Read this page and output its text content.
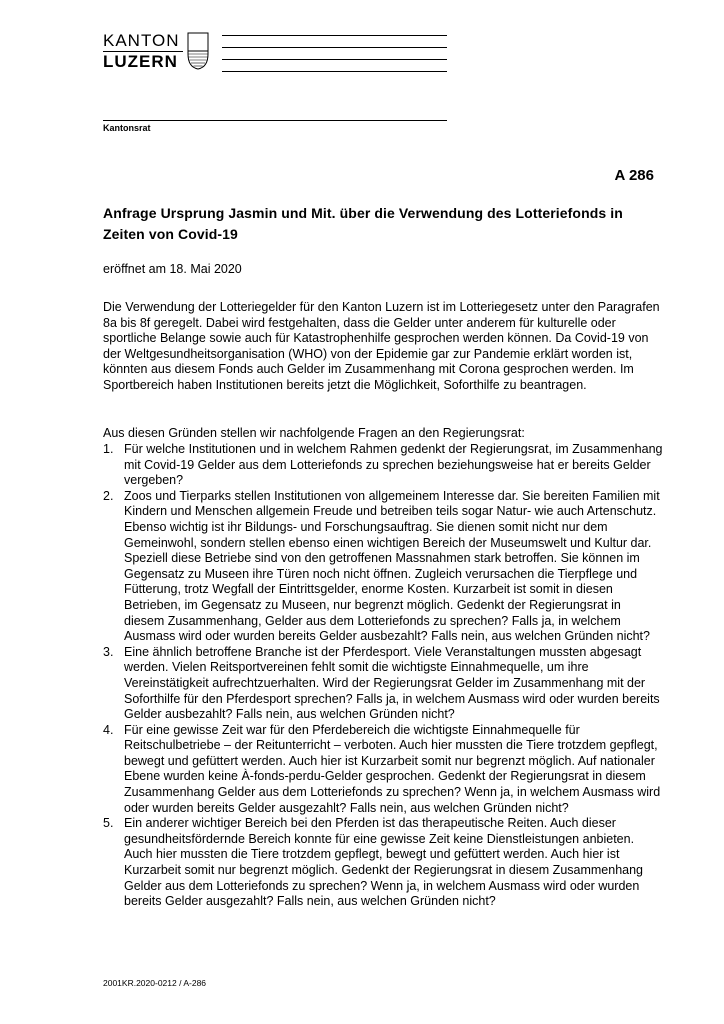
KANTON
LUZERN
Kantonsrat
A 286
Anfrage Ursprung Jasmin und Mit. über die Verwendung des Lotteriefonds in Zeiten von Covid-19
eröffnet am 18. Mai 2020

Die Verwendung der Lotteriegelder für den Kanton Luzern ist im Lotteriegesetz unter den Paragrafen 8a bis 8f geregelt. Dabei wird festgehalten, dass die Gelder unter anderem für kulturelle oder sportliche Belange sowie auch für Katastrophenhilfe gesprochen werden können. Da Covid-19 von der Weltgesundheitsorganisation (WHO) von der Epidemie gar zur Pandemie erklärt worden ist, könnten aus diesem Fonds auch Gelder im Zusammenhang mit Corona gesprochen werden. Im Sportbereich haben Institutionen bereits jetzt die Möglichkeit, Soforthilfe zu beantragen.

Aus diesen Gründen stellen wir nachfolgende Fragen an den Regierungsrat:
1. Für welche Institutionen und in welchem Rahmen gedenkt der Regierungsrat, im Zusammenhang mit Covid-19 Gelder aus dem Lotteriefonds zu sprechen beziehungsweise hat er bereits Gelder vergeben?
2. Zoos und Tierparks stellen Institutionen von allgemeinem Interesse dar. Sie bereiten Familien mit Kindern und Menschen allgemein Freude und betreiben teils sogar Natur- wie auch Artenschutz. Ebenso wichtig ist ihr Bildungs- und Forschungsauftrag. Sie dienen somit nicht nur dem Gemeinwohl, sondern stellen ebenso einen wichtigen Bereich der Museumswelt und Kultur dar. Speziell diese Betriebe sind von den getroffenen Massnahmen stark betroffen. Sie können im Gegensatz zu Museen ihre Türen noch nicht öffnen. Zugleich verursachen die Tierpflege und Fütterung, trotz Wegfall der Eintrittsgelder, enorme Kosten. Kurzarbeit ist somit in diesen Betrieben, im Gegensatz zu Museen, nur begrenzt möglich. Gedenkt der Regierungsrat in diesem Zusammenhang, Gelder aus dem Lotteriefonds zu sprechen? Falls ja, in welchem Ausmass wird oder wurden bereits Gelder ausbezahlt? Falls nein, aus welchen Gründen nicht?
3. Eine ähnlich betroffene Branche ist der Pferdesport. Viele Veranstaltungen mussten abgesagt werden. Vielen Reitsportvereinen fehlt somit die wichtigste Einnahmequelle, um ihre Vereinstätigkeit aufrechtzuerhalten. Wird der Regierungsrat Gelder im Zusammenhang mit der Soforthilfe für den Pferdesport sprechen? Falls ja, in welchem Ausmass wird oder wurden bereits Gelder ausbezahlt? Falls nein, aus welchen Gründen nicht?
4. Für eine gewisse Zeit war für den Pferdebereich die wichtigste Einnahmequelle für Reitschulbetriebe – der Reitunterricht – verboten. Auch hier mussten die Tiere trotzdem gepflegt, bewegt und gefüttert werden. Auch hier ist Kurzarbeit somit nur begrenzt möglich. Auf nationaler Ebene wurden keine À-fonds-perdu-Gelder gesprochen. Gedenkt der Regierungsrat in diesem Zusammenhang Gelder aus dem Lotteriefonds zu sprechen? Wenn ja, in welchem Ausmass wird oder wurden bereits Gelder ausgezahlt? Falls nein, aus welchen Gründen nicht?
5. Ein anderer wichtiger Bereich bei den Pferden ist das therapeutische Reiten. Auch dieser gesundheitsfördernde Bereich konnte für eine gewisse Zeit keine Dienstleistungen anbieten. Auch hier mussten die Tiere trotzdem gepflegt, bewegt und gefüttert werden. Auch hier ist Kurzarbeit somit nur begrenzt möglich. Gedenkt der Regierungsrat in diesem Zusammenhang Gelder aus dem Lotteriefonds zu sprechen? Wenn ja, in welchem Ausmass wird oder wurden bereits Gelder ausgezahlt? Falls nein, aus welchen Gründen nicht?
2001KR.2020-0212 / A-286
